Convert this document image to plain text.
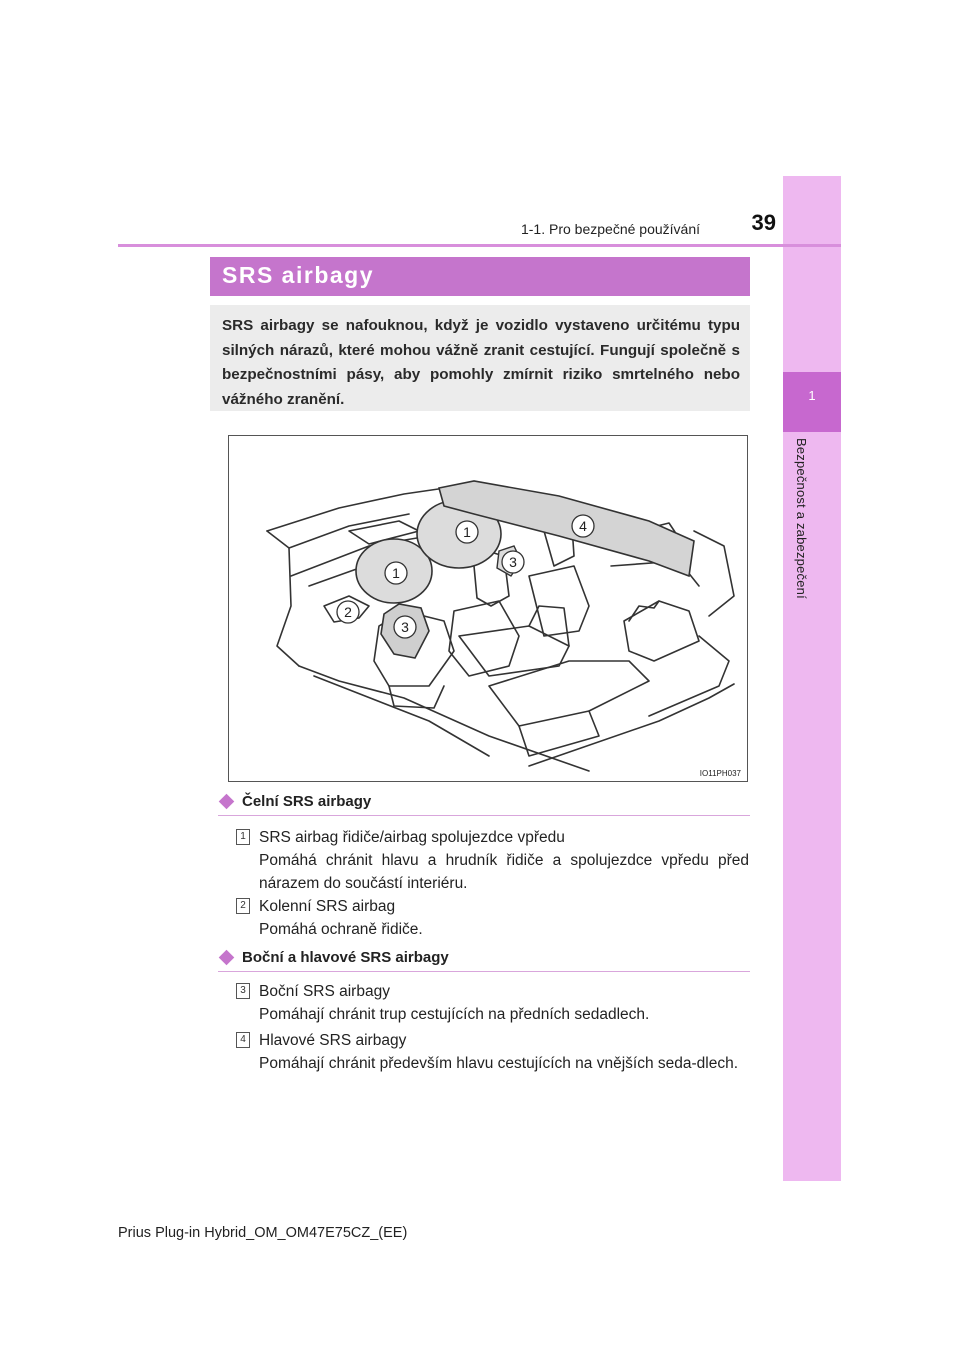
1
Bezpečnost a zabezpečení
1-1. Pro bezpečné používání	39
SRS airbagy
SRS airbagy se nafouknou, když je vozidlo vystaveno určitému typu silných nárazů, které mohou vážně zranit cestující. Fungují společně s bezpečnostními pásy, aby pomohly zmírnit riziko smrtelného nebo vážného zranění.
1
1
2
3
3
4
IO11PH037
Čelní SRS airbagy
1 SRS airbag řidiče/airbag spolujezdce vpředu
Pomáhá chránit hlavu a hrudník řidiče a spolujezdce vpředu před nárazem do součástí interiéru.
2 Kolenní SRS airbag
Pomáhá ochraně řidiče.
Boční a hlavové SRS airbagy
3 Boční SRS airbagy
Pomáhají chránit trup cestujících na předních sedadlech.
4 Hlavové SRS airbagy
Pomáhají chránit především hlavu cestujících na vnějších seda-dlech.
Prius Plug-in Hybrid_OM_OM47E75CZ_(EE)
